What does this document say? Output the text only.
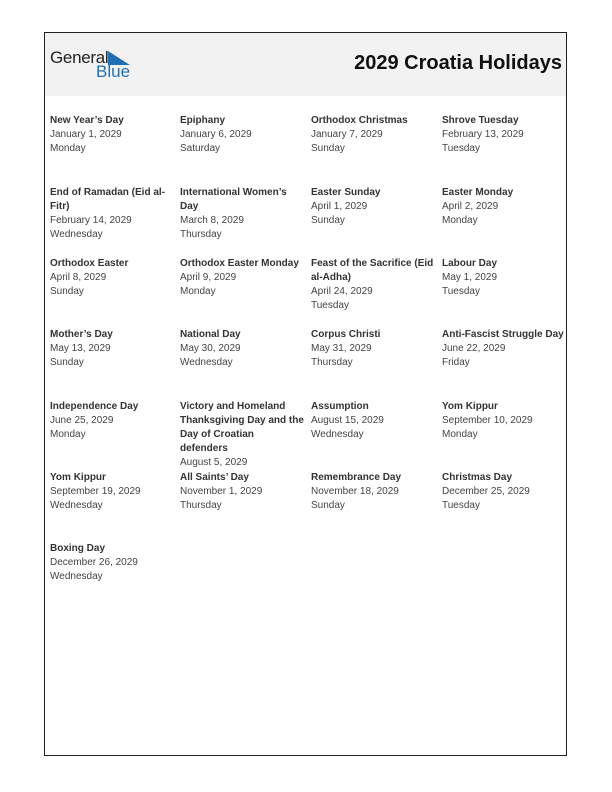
General
Blue	2029 Croatia Holidays
New Year’s Day
January 1, 2029
Monday
Epiphany
January 6, 2029
Saturday
Orthodox Christmas
January 7, 2029
Sunday
Shrove Tuesday
February 13, 2029
Tuesday
End of Ramadan (Eid al-Fitr)
February 14, 2029
Wednesday
International Women’s Day
March 8, 2029
Thursday
Easter Sunday
April 1, 2029
Sunday
Easter Monday
April 2, 2029
Monday
Orthodox Easter
April 8, 2029
Sunday
Orthodox Easter Monday
April 9, 2029
Monday
Feast of the Sacrifice (Eid al-Adha)
April 24, 2029
Tuesday
Labour Day
May 1, 2029
Tuesday
Mother’s Day
May 13, 2029
Sunday
National Day
May 30, 2029
Wednesday
Corpus Christi
May 31, 2029
Thursday
Anti-Fascist Struggle Day
June 22, 2029
Friday
Independence Day
June 25, 2029
Monday
Victory and Homeland Thanksgiving Day and the Day of Croatian defenders
August 5, 2029
Assumption
August 15, 2029
Wednesday
Yom Kippur
September 10, 2029
Monday
Yom Kippur
September 19, 2029
Wednesday
All Saints’ Day
November 1, 2029
Thursday
Remembrance Day
November 18, 2029
Sunday
Christmas Day
December 25, 2029
Tuesday
Boxing Day
December 26, 2029
Wednesday
